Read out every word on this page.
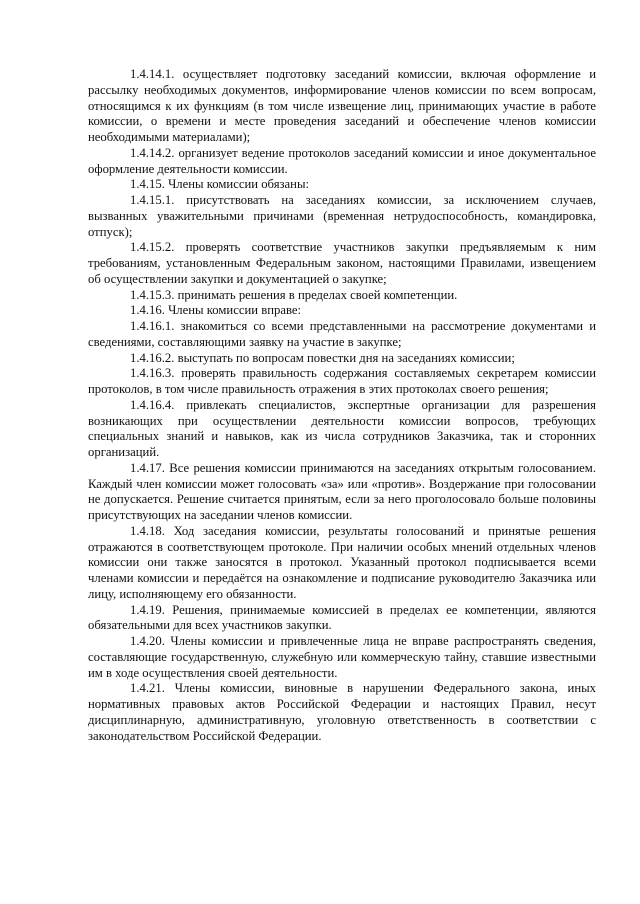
1.4.14.1. осуществляет подготовку заседаний комиссии, включая оформление и рассылку необходимых документов, информирование членов комиссии по всем вопросам, относящимся к их функциям (в том числе извещение лиц, принимающих участие в работе комиссии, о времени и месте проведения заседаний и обеспечение членов комиссии необходимыми материалами);

1.4.14.2. организует ведение протоколов заседаний комиссии и иное документальное оформление деятельности комиссии.

1.4.15. Члены комиссии обязаны:

1.4.15.1. присутствовать на заседаниях комиссии, за исключением случаев, вызванных уважительными причинами (временная нетрудоспособность, командировка, отпуск);

1.4.15.2. проверять соответствие участников закупки предъявляемым к ним требованиям, установленным Федеральным законом, настоящими Правилами, извещением об осуществлении закупки и документацией о закупке;

1.4.15.3. принимать решения в пределах своей компетенции.

1.4.16. Члены комиссии вправе:

1.4.16.1. знакомиться со всеми представленными на рассмотрение документами и сведениями, составляющими заявку на участие в закупке;

1.4.16.2. выступать по вопросам повестки дня на заседаниях комиссии;

1.4.16.3. проверять правильность содержания составляемых секретарем комиссии протоколов, в том числе правильность отражения в этих протоколах своего решения;

1.4.16.4. привлекать специалистов, экспертные организации для разрешения возникающих при осуществлении деятельности комиссии вопросов, требующих специальных знаний и навыков, как из числа сотрудников Заказчика, так и сторонних организаций.

1.4.17. Все решения комиссии принимаются на заседаниях открытым голосованием. Каждый член комиссии может голосовать «за» или «против». Воздержание при голосовании не допускается. Решение считается принятым, если за него проголосовало больше половины присутствующих на заседании членов комиссии.

1.4.18. Ход заседания комиссии, результаты голосований и принятые решения отражаются в соответствующем протоколе. При наличии особых мнений отдельных членов комиссии они также заносятся в протокол. Указанный протокол подписывается всеми членами комиссии и передаётся на ознакомление и подписание руководителю Заказчика или лицу, исполняющему его обязанности.

1.4.19. Решения, принимаемые комиссией в пределах ее компетенции, являются обязательными для всех участников закупки.

1.4.20. Члены комиссии и привлеченные лица не вправе распространять сведения, составляющие государственную, служебную или коммерческую тайну, ставшие известными им в ходе осуществления своей деятельности.

1.4.21. Члены комиссии, виновные в нарушении Федерального закона, иных нормативных правовых актов Российской Федерации и настоящих Правил, несут дисциплинарную, административную, уголовную ответственность в соответствии с законодательством Российской Федерации.
